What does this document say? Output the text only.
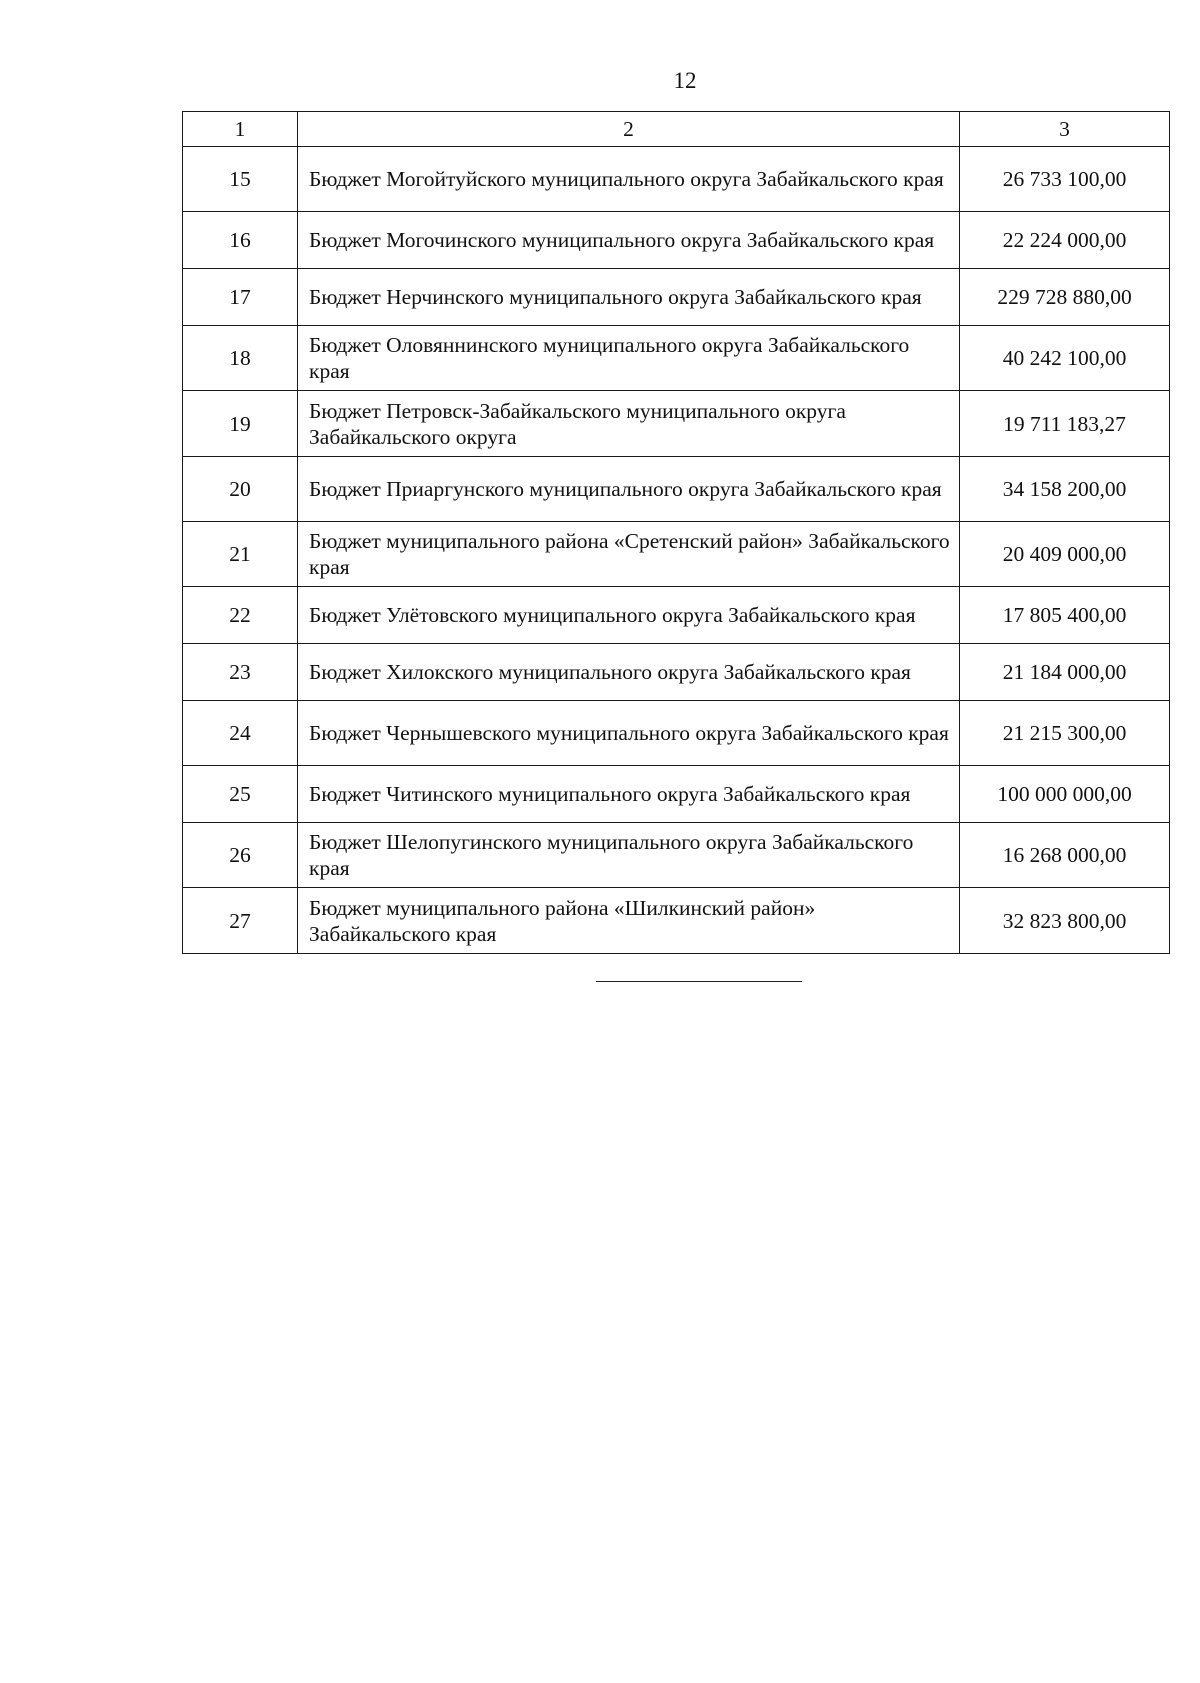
12
1	2	3
15	Бюджет Могойтуйского муниципального округа Забайкальского края	26 733 100,00
16	Бюджет Могочинского муниципального округа Забайкальского края	22 224 000,00
17	Бюджет Нерчинского муниципального округа Забайкальского края	229 728 880,00
18	Бюджет Оловяннинского муниципального округа Забайкальского края	40 242 100,00
19	Бюджет Петровск-Забайкальского муниципального округа Забайкальского округа	19 711 183,27
20	Бюджет Приаргунского муниципального округа Забайкальского края	34 158 200,00
21	Бюджет муниципального района «Сретенский район» Забайкальского края	20 409 000,00
22	Бюджет Улётовского муниципального округа Забайкальского края	17 805 400,00
23	Бюджет Хилокского муниципального округа Забайкальского края	21 184 000,00
24	Бюджет Чернышевского муниципального округа Забайкальского края	21 215 300,00
25	Бюджет Читинского муниципального округа Забайкальского края	100 000 000,00
26	Бюджет Шелопугинского муниципального округа Забайкальского края	16 268 000,00
27	Бюджет муниципального района «Шилкинский район» Забайкальского края	32 823 800,00
